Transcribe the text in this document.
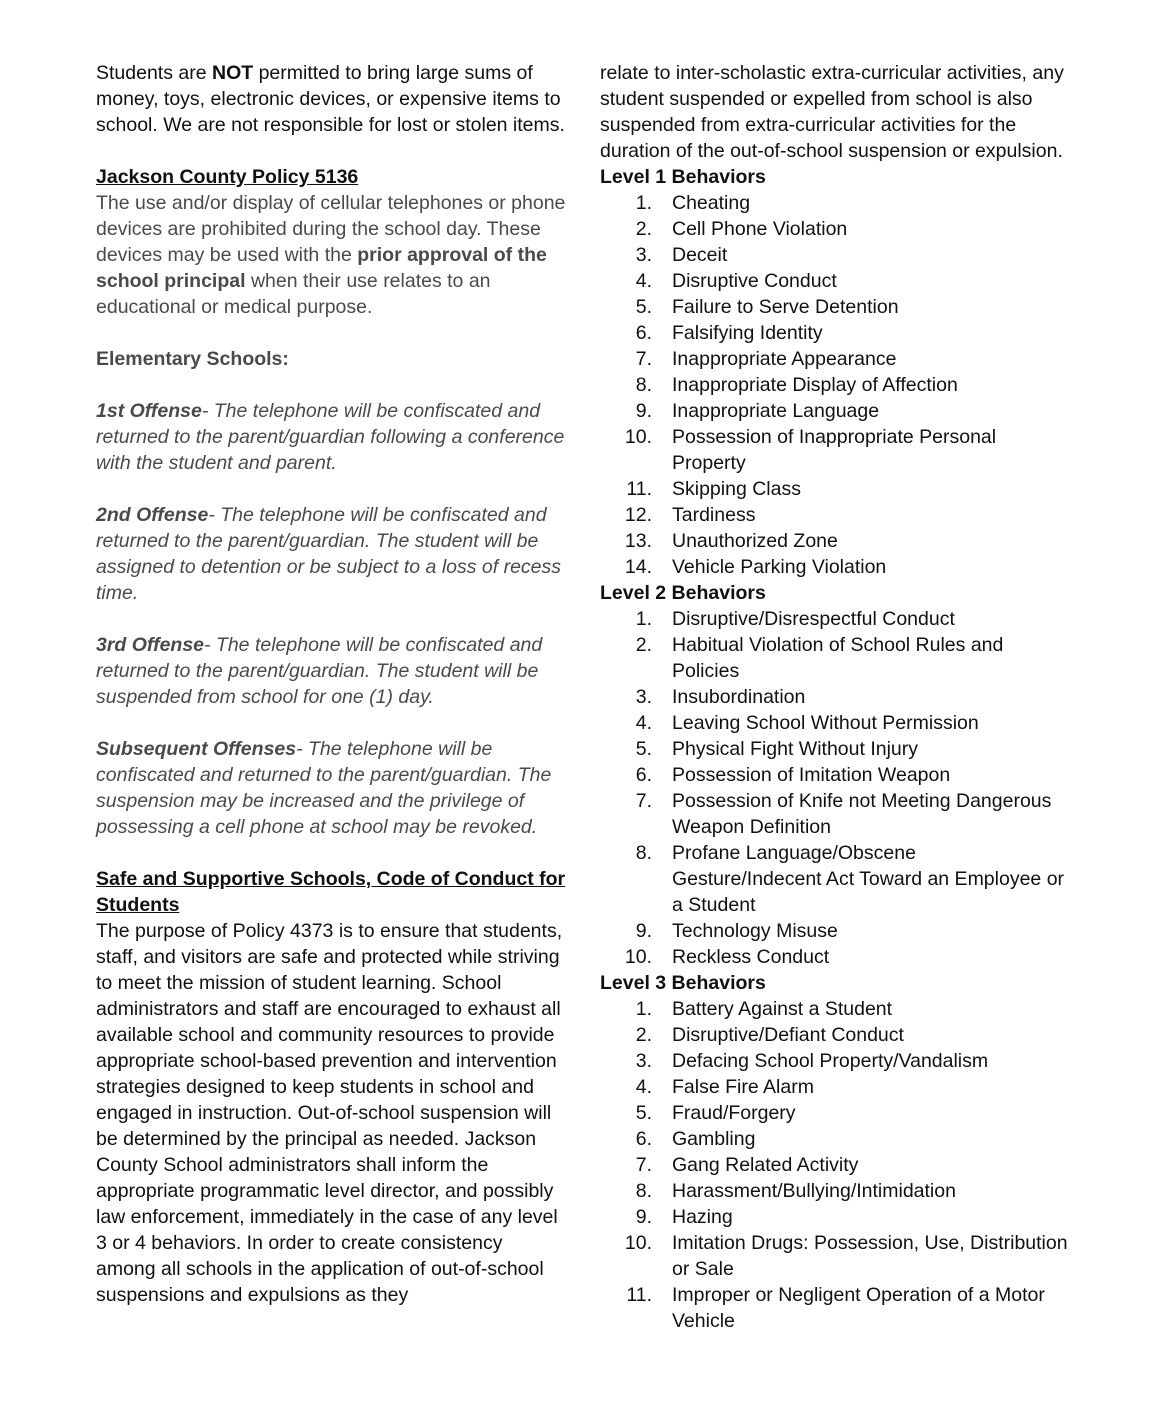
Students are NOT permitted to bring large sums of money, toys, electronic devices, or expensive items to school. We are not responsible for lost or stolen items.

Jackson County Policy 5136

The use and/or display of cellular telephones or phone devices are prohibited during the school day. These devices may be used with the prior approval of the school principal when their use relates to an educational or medical purpose.

Elementary Schools:

1st Offense- The telephone will be confiscated and returned to the parent/guardian following a conference with the student and parent.

2nd Offense- The telephone will be confiscated and returned to the parent/guardian. The student will be assigned to detention or be subject to a loss of recess time.

3rd Offense- The telephone will be confiscated and returned to the parent/guardian. The student will be suspended from school for one (1) day.

Subsequent Offenses- The telephone will be confiscated and returned to the parent/guardian. The suspension may be increased and the privilege of possessing a cell phone at school may be revoked.

Safe and Supportive Schools, Code of Conduct for Students

The purpose of Policy 4373 is to ensure that students, staff, and visitors are safe and protected while striving to meet the mission of student learning. School administrators and staff are encouraged to exhaust all available school and community resources to provide appropriate school-based prevention and intervention strategies designed to keep students in school and engaged in instruction. Out-of-school suspension will be determined by the principal as needed. Jackson County School administrators shall inform the appropriate programmatic level director, and possibly law enforcement, immediately in the case of any level 3 or 4 behaviors. In order to create consistency among all schools in the application of out-of-school suspensions and expulsions as they

relate to inter-scholastic extra-curricular activities, any student suspended or expelled from school is also suspended from extra-curricular activities for the duration of the out-of-school suspension or expulsion.

Level 1 Behaviors

1. Cheating
2. Cell Phone Violation
3. Deceit
4. Disruptive Conduct
5. Failure to Serve Detention
6. Falsifying Identity
7. Inappropriate Appearance
8. Inappropriate Display of Affection
9. Inappropriate Language
10. Possession of Inappropriate Personal Property
11. Skipping Class
12. Tardiness
13. Unauthorized Zone
14. Vehicle Parking Violation

Level 2 Behaviors

1. Disruptive/Disrespectful Conduct
2. Habitual Violation of School Rules and Policies
3. Insubordination
4. Leaving School Without Permission
5. Physical Fight Without Injury
6. Possession of Imitation Weapon
7. Possession of Knife not Meeting Dangerous Weapon Definition
8. Profane Language/Obscene Gesture/Indecent Act Toward an Employee or a Student
9. Technology Misuse
10. Reckless Conduct

Level 3 Behaviors

1. Battery Against a Student
2. Disruptive/Defiant Conduct
3. Defacing School Property/Vandalism
4. False Fire Alarm
5. Fraud/Forgery
6. Gambling
7. Gang Related Activity
8. Harassment/Bullying/Intimidation
9. Hazing
10. Imitation Drugs: Possession, Use, Distribution or Sale
11. Improper or Negligent Operation of a Motor Vehicle
